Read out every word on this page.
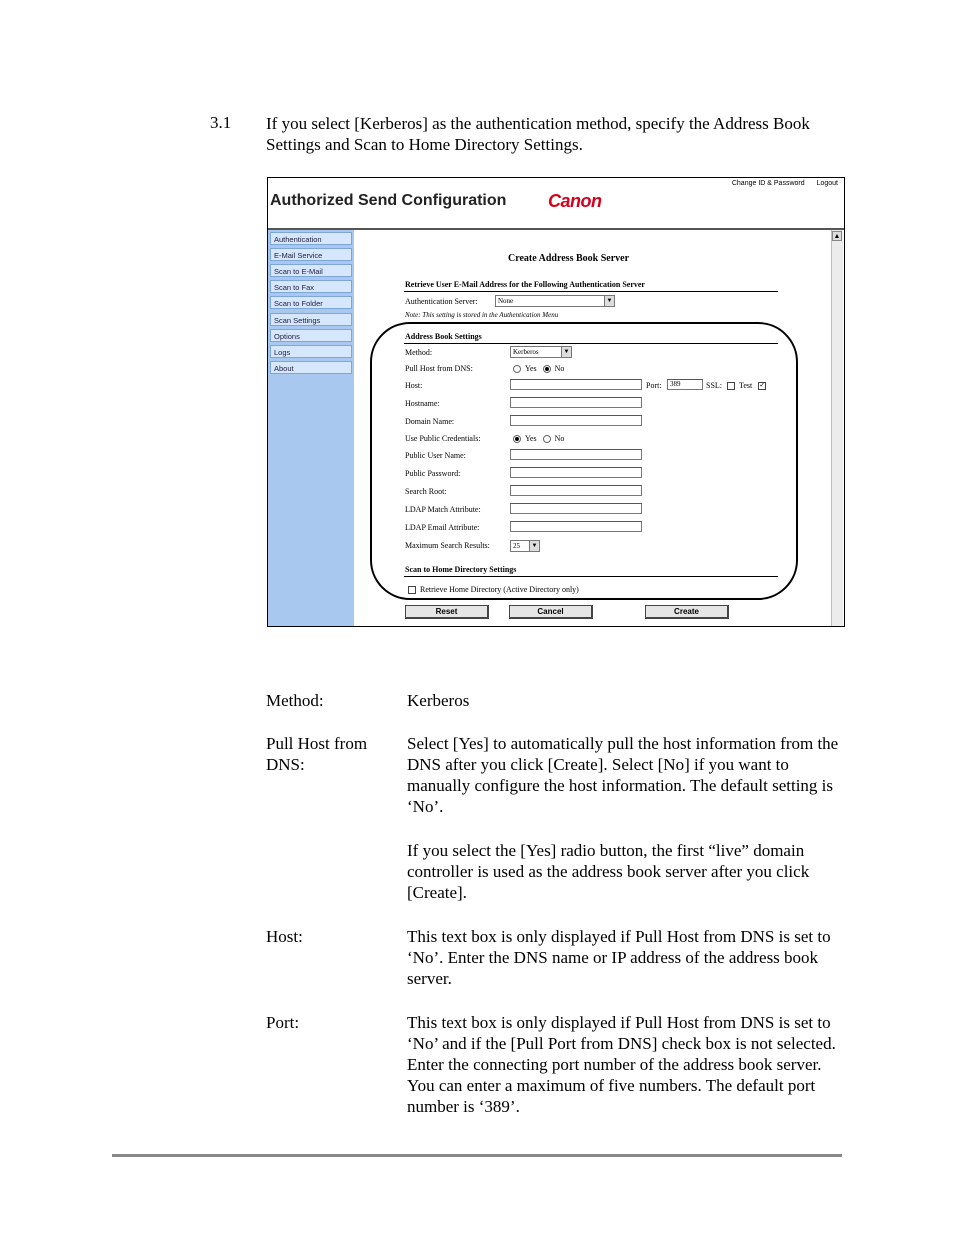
3.1 If you select [Kerberos] as the authentication method, specify the Address Book Settings and Scan to Home Directory Settings.
Change ID & Password Logout
Authorized Send Configuration Canon
Authentication
E-Mail Service
Scan to E-Mail
Scan to Fax
Scan to Folder
Scan Settings
Options
Logs
About
▲
Create Address Book Server
Retrieve User E-Mail Address for the Following Authentication Server
Authentication Server:	None	▼
Note: This setting is stored in the Authentication Menu
Address Book Settings
Method:	Kerberos	▼
Pull Host from DNS:	Yes No
Host:	Port:	389	SSL: Test ✓
Hostname:
Domain Name:
Use Public Credentials:	Yes No
Public User Name:
Public Password:
Search Root:
LDAP Match Attribute:
LDAP Email Attribute:
Maximum Search Results:	25	▼
Scan to Home Directory Settings
Retrieve Home Directory (Active Directory only)
Reset	Cancel	Create
Method:	Kerberos
Pull Host from DNS:
Select [Yes] to automatically pull the host information from the DNS after you click [Create]. Select [No] if you want to manually configure the host information. The default setting is ‘No’.
If you select the [Yes] radio button, the first “live” domain controller is used as the address book server after you click [Create].
Host:	This text box is only displayed if Pull Host from DNS is set to ‘No’. Enter the DNS name or IP address of the address book server.
Port:	This text box is only displayed if Pull Host from DNS is set to ‘No’ and if the [Pull Port from DNS] check box is not selected. Enter the connecting port number of the address book server. You can enter a maximum of five numbers. The default port number is ‘389’.
